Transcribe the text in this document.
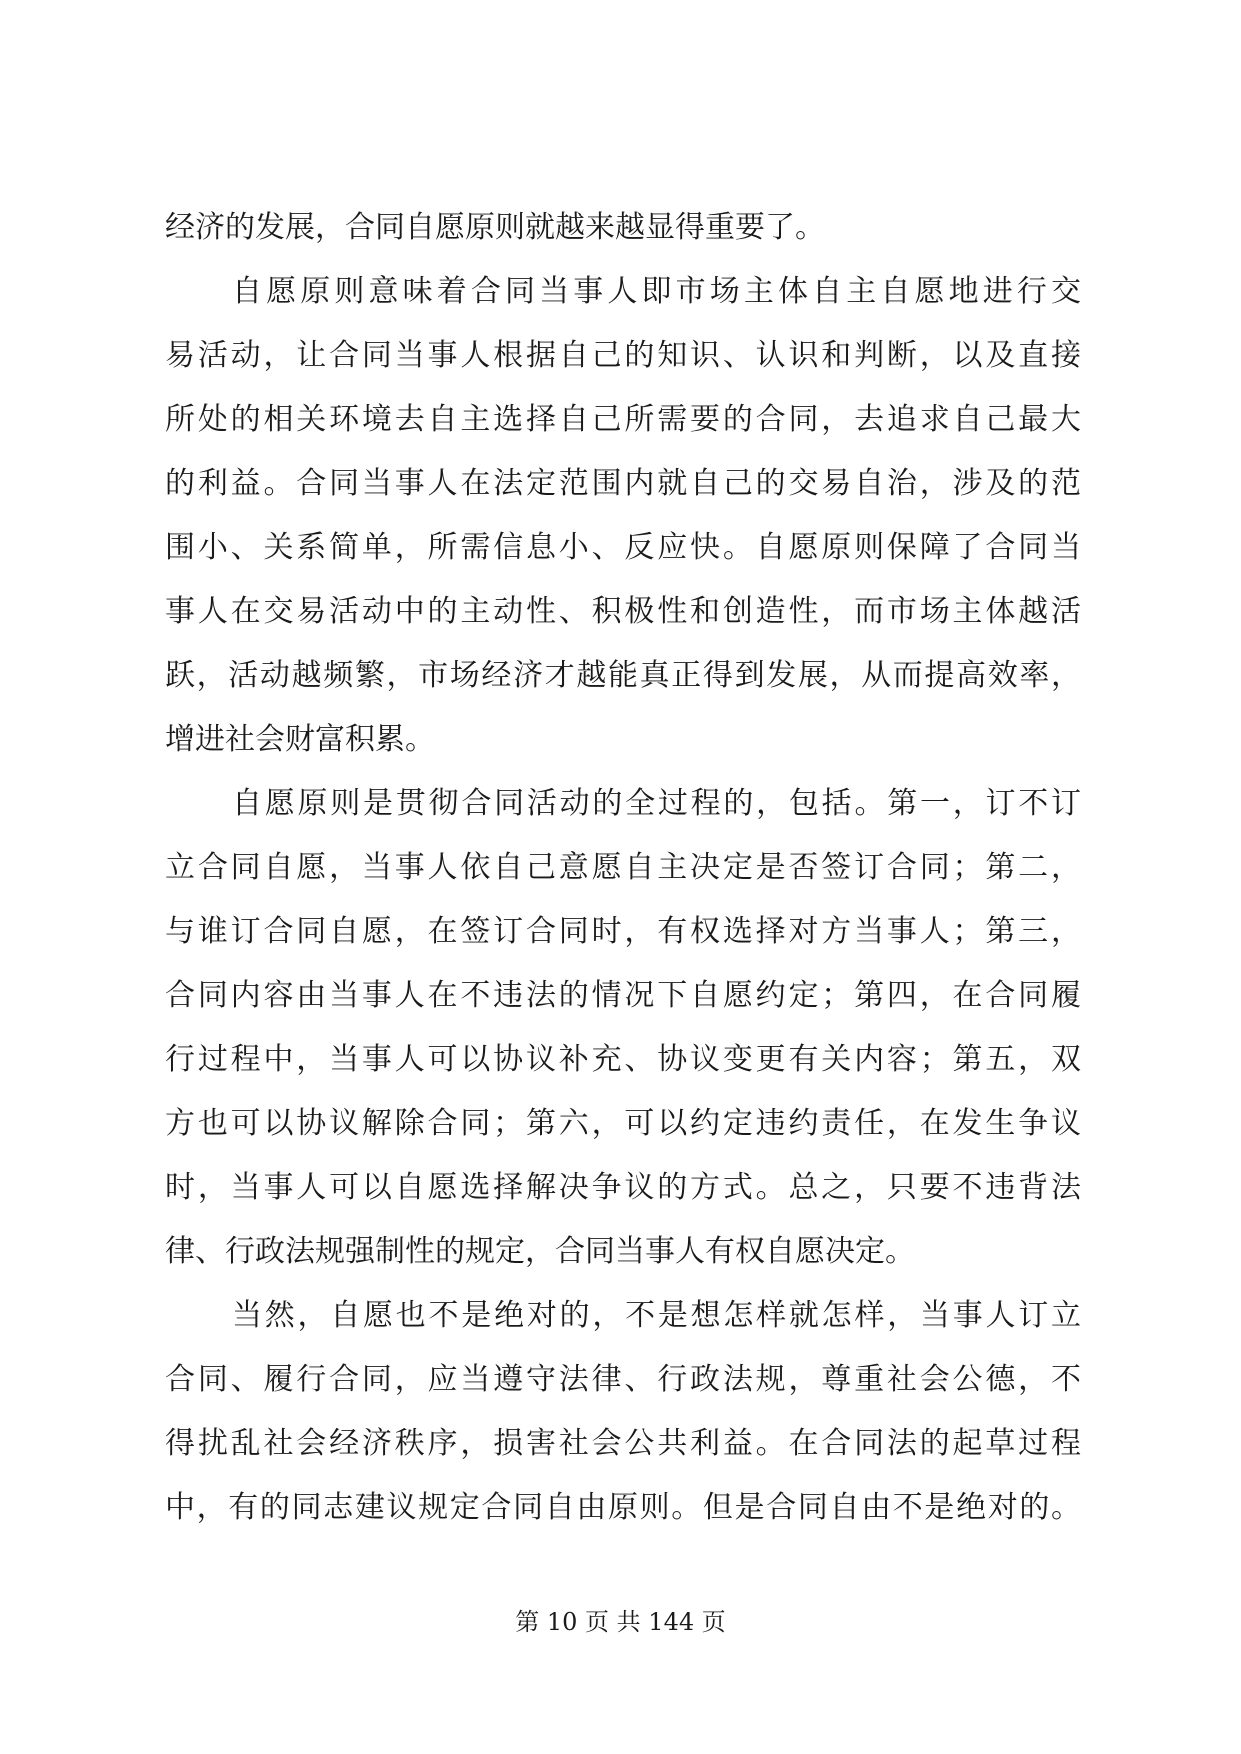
经济的发展，合同自愿原则就越来越显得重要了。
自愿原则意味着合同当事人即市场主体自主自愿地进行交
易活动，让合同当事人根据自己的知识、认识和判断，以及直接
所处的相关环境去自主选择自己所需要的合同，去追求自己最大
的利益。合同当事人在法定范围内就自己的交易自治，涉及的范
围小、关系简单，所需信息小、反应快。自愿原则保障了合同当
事人在交易活动中的主动性、积极性和创造性，而市场主体越活
跃，活动越频繁，市场经济才越能真正得到发展，从而提高效率，
增进社会财富积累。
自愿原则是贯彻合同活动的全过程的，包括。第一，订不订
立合同自愿，当事人依自己意愿自主决定是否签订合同；第二，
与谁订合同自愿，在签订合同时，有权选择对方当事人；第三，
合同内容由当事人在不违法的情况下自愿约定；第四，在合同履
行过程中，当事人可以协议补充、协议变更有关内容；第五，双
方也可以协议解除合同；第六，可以约定违约责任，在发生争议
时，当事人可以自愿选择解决争议的方式。总之，只要不违背法
律、行政法规强制性的规定，合同当事人有权自愿决定。
当然，自愿也不是绝对的，不是想怎样就怎样，当事人订立
合同、履行合同，应当遵守法律、行政法规，尊重社会公德，不
得扰乱社会经济秩序，损害社会公共利益。在合同法的起草过程
中，有的同志建议规定合同自由原则。但是合同自由不是绝对的。
第 10 页 共 144 页
